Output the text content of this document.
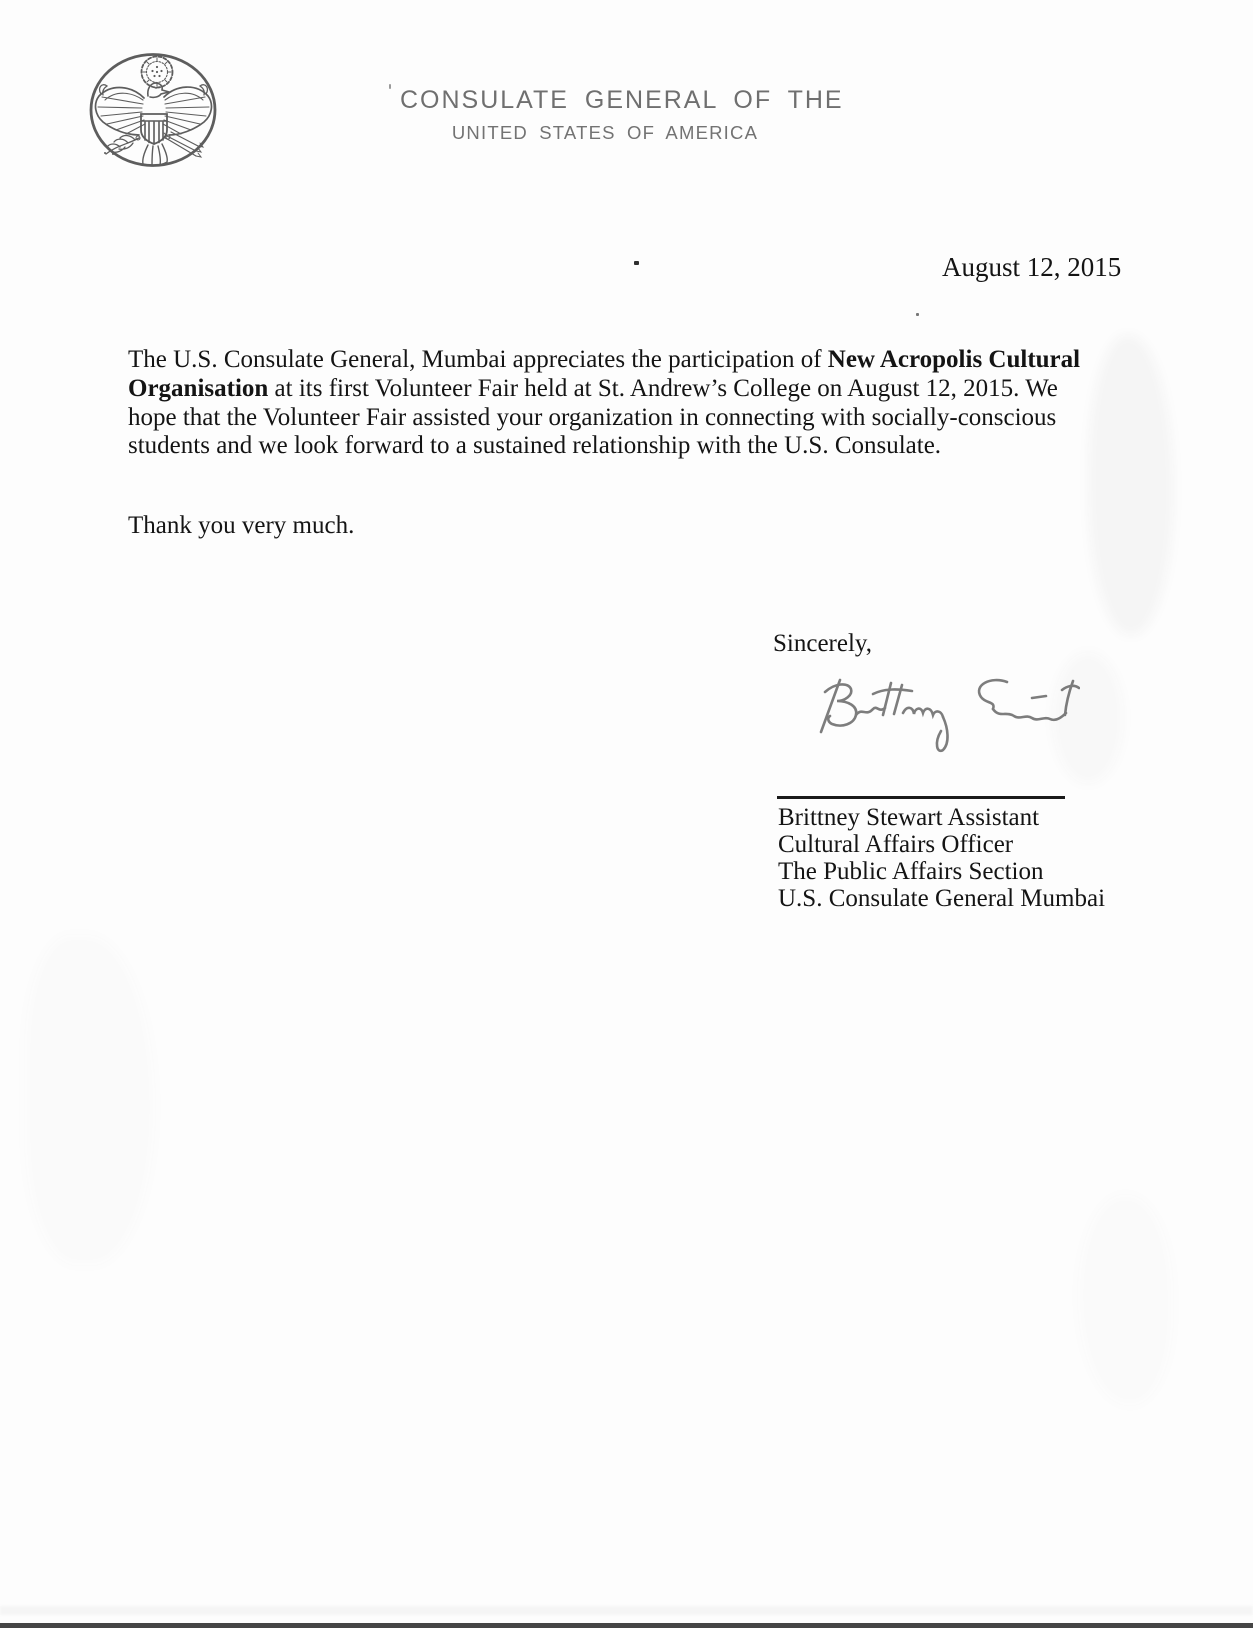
CONSULATE GENERAL OF THE
UNITED STATES OF AMERICA
August 12, 2015
The U.S. Consulate General, Mumbai appreciates the participation of New Acropolis Cultural
Organisation at its first Volunteer Fair held at St. Andrew’s College on August 12, 2015. We
hope that the Volunteer Fair assisted your organization in connecting with socially-conscious
students and we look forward to a sustained relationship with the U.S. Consulate.
Thank you very much.
Sincerely,
Brittney Stewart Assistant
Cultural Affairs Officer
The Public Affairs Section
U.S. Consulate General Mumbai
